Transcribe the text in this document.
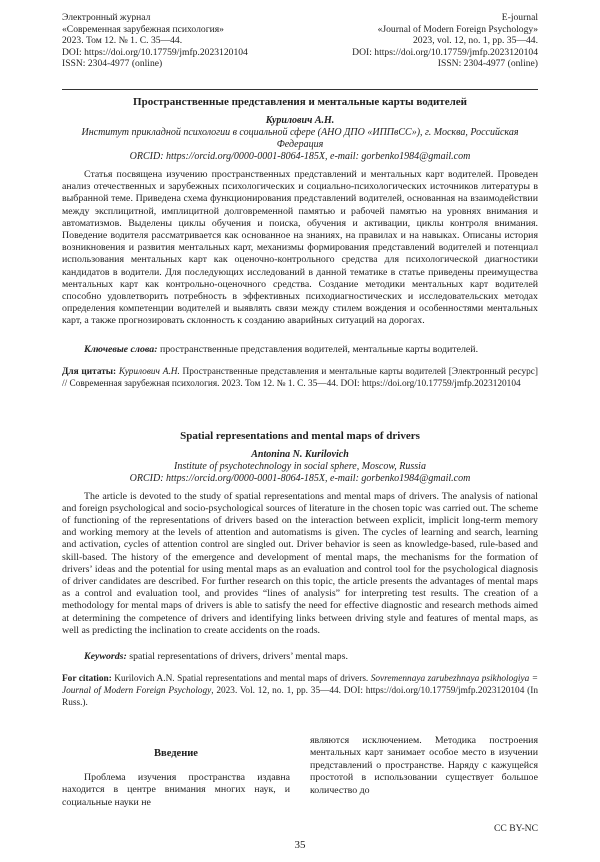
Электронный журнал
«Современная зарубежная психология»
2023. Том 12. № 1. С. 35—44.
DOI: https://doi.org/10.17759/jmfp.2023120104
ISSN: 2304-4977 (online)
E-journal
«Journal of Modern Foreign Psychology»
2023, vol. 12, no. 1, pp. 35—44.
DOI: https://doi.org/10.17759/jmfp.2023120104
ISSN: 2304-4977 (online)
Пространственные представления и ментальные карты водителей
Курилович А.Н.
Институт прикладной психологии в социальной сфере (АНО ДПО «ИППвСС»), г. Москва, Российская Федерация
ORCID: https://orcid.org/0000-0001-8064-185X, e-mail: gorbenko1984@gmail.com
Статья посвящена изучению пространственных представлений и ментальных карт водителей. Проведен анализ отечественных и зарубежных психологических и социально-психологических источников литературы в выбранной теме. Приведена схема функционирования представлений водителей, основанная на взаимодействии между эксплицитной, имплицитной долговременной памятью и рабочей памятью на уровнях внимания и автоматизмов. Выделены циклы обучения и поиска, обучения и активации, циклы контроля внимания. Поведение водителя рассматривается как основанное на знаниях, на правилах и на навыках. Описаны история возникновения и развития ментальных карт, механизмы формирования представлений водителей и потенциал использования ментальных карт как оценочно-контрольного средства для психологической диагностики кандидатов в водители. Для последующих исследований в данной тематике в статье приведены преимущества ментальных карт как контрольно-оценочного средства. Создание методики ментальных карт водителей способно удовлетворить потребность в эффективных психодиагностических и исследовательских методах определения компетенции водителей и выявлять связи между стилем вождения и особенностями ментальных карт, а также прогнозировать склонность к созданию аварийных ситуаций на дорогах.
Ключевые слова: пространственные представления водителей, ментальные карты водителей.
Для цитаты: Курилович А.Н. Пространственные представления и ментальные карты водителей [Электронный ресурс] // Современная зарубежная психология. 2023. Том 12. № 1. С. 35—44. DOI: https://doi.org/10.17759/jmfp.2023120104
Spatial representations and mental maps of drivers
Antonina N. Kurilovich
Institute of psychotechnology in social sphere, Moscow, Russia
ORCID: https://orcid.org/0000-0001-8064-185X, e-mail: gorbenko1984@gmail.com
The article is devoted to the study of spatial representations and mental maps of drivers. The analysis of national and foreign psychological and socio-psychological sources of literature in the chosen topic was carried out. The scheme of functioning of the representations of drivers based on the interaction between explicit, implicit long-term memory and working memory at the levels of attention and automatisms is given. The cycles of learning and search, learning and activation, cycles of attention control are singled out. Driver behavior is seen as knowledge-based, rule-based and skill-based. The history of the emergence and development of mental maps, the mechanisms for the formation of drivers’ ideas and the potential for using mental maps as an evaluation and control tool for the psychological diagnosis of driver candidates are described. For further research on this topic, the article presents the advantages of mental maps as a control and evaluation tool, and provides “lines of analysis” for interpreting test results. The creation of a methodology for mental maps of drivers is able to satisfy the need for effective diagnostic and research methods aimed at determining the competence of drivers and identifying links between driving style and features of mental maps, as well as predicting the inclination to create accidents on the roads.
Keywords: spatial representations of drivers, drivers’ mental maps.
For citation: Kurilovich A.N. Spatial representations and mental maps of drivers. Sovremennaya zarubezhnaya psikhologiya = Journal of Modern Foreign Psychology, 2023. Vol. 12, no. 1, pp. 35—44. DOI: https://doi.org/10.17759/jmfp.2023120104 (In Russ.).
Введение
Проблема изучения пространства издавна находится в центре внимания многих наук, и социальные науки не
являются исключением. Методика построения ментальных карт занимает особое место в изучении представлений о пространстве. Наряду с кажущейся простотой в использовании существует большое количество до
CC BY-NC
35
